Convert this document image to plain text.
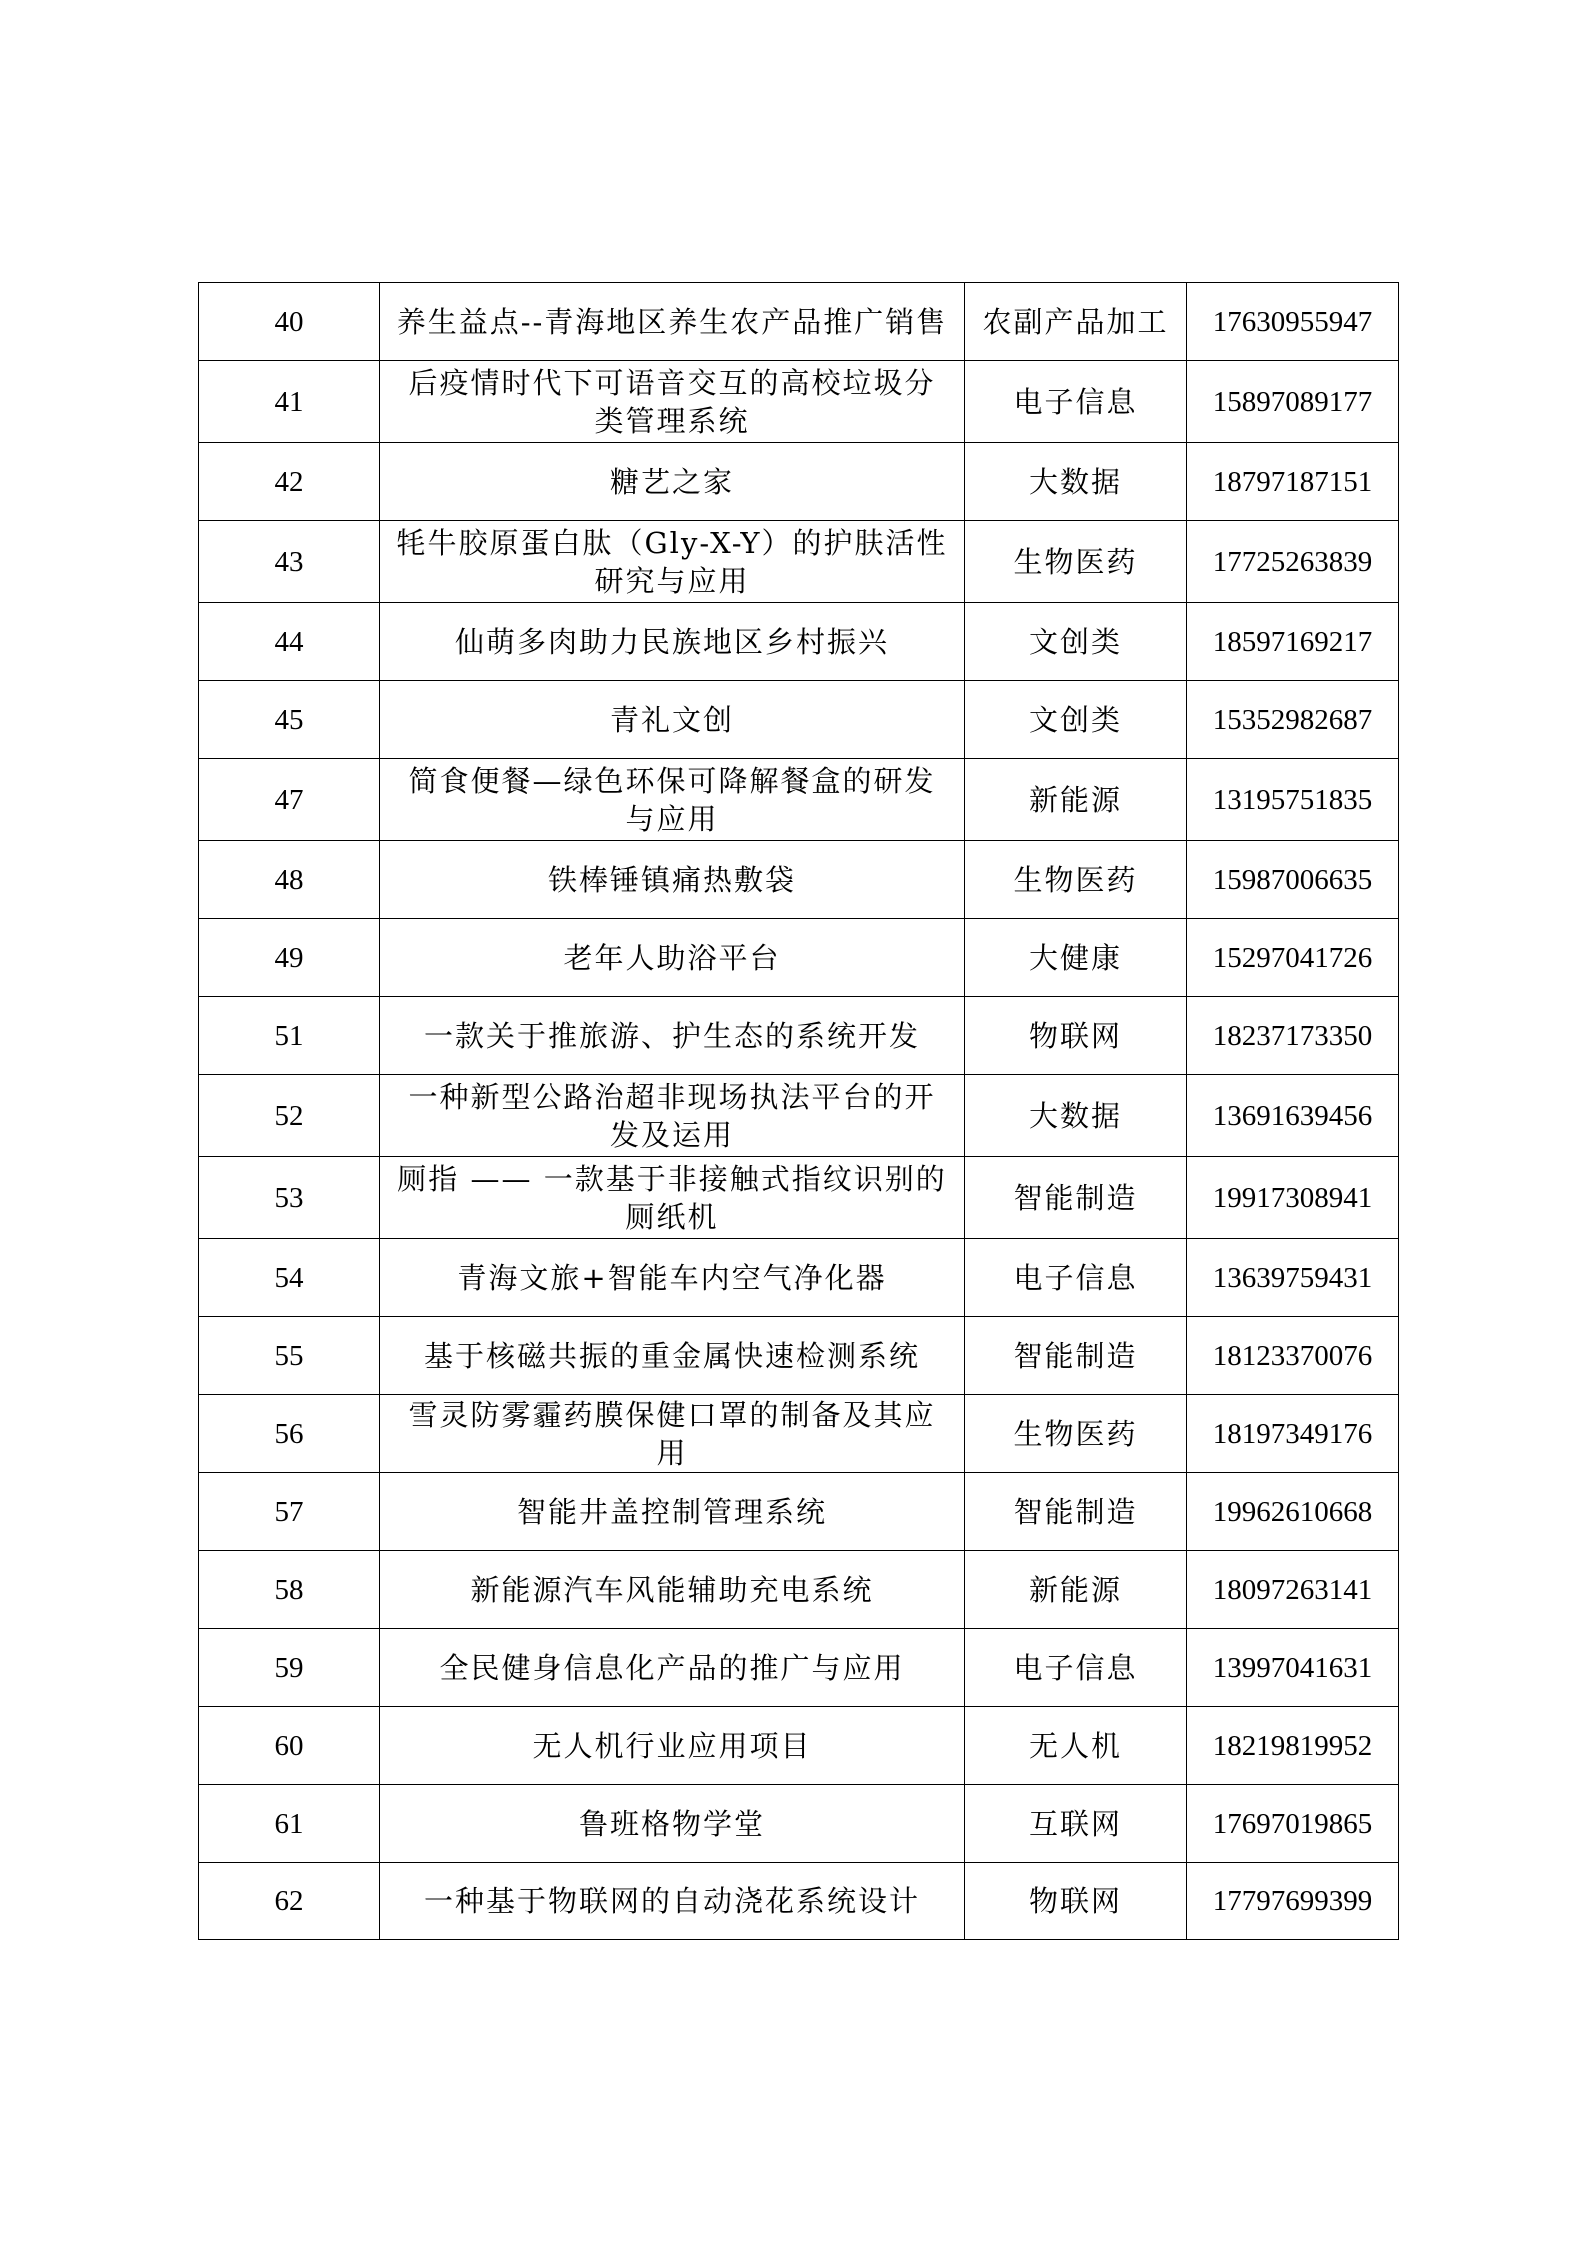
40	养生益点--青海地区养生农产品推广销售	农副产品加工	17630955947
41	后疫情时代下可语音交互的高校垃圾分类管理系统	电子信息	15897089177
42	糖艺之家	大数据	18797187151
43	牦牛胶原蛋白肽（Gly-X-Y）的护肤活性研究与应用	生物医药	17725263839
44	仙萌多肉助力民族地区乡村振兴	文创类	18597169217
45	青礼文创	文创类	15352982687
47	简食便餐—绿色环保可降解餐盒的研发与应用	新能源	13195751835
48	铁棒锤镇痛热敷袋	生物医药	15987006635
49	老年人助浴平台	大健康	15297041726
51	一款关于推旅游、护生态的系统开发	物联网	18237173350
52	一种新型公路治超非现场执法平台的开发及运用	大数据	13691639456
53	厕指 —— 一款基于非接触式指纹识别的厕纸机	智能制造	19917308941
54	青海文旅+智能车内空气净化器	电子信息	13639759431
55	基于核磁共振的重金属快速检测系统	智能制造	18123370076
56	雪灵防雾霾药膜保健口罩的制备及其应用	生物医药	18197349176
57	智能井盖控制管理系统	智能制造	19962610668
58	新能源汽车风能辅助充电系统	新能源	18097263141
59	全民健身信息化产品的推广与应用	电子信息	13997041631
60	无人机行业应用项目	无人机	18219819952
61	鲁班格物学堂	互联网	17697019865
62	一种基于物联网的自动浇花系统设计	物联网	17797699399
